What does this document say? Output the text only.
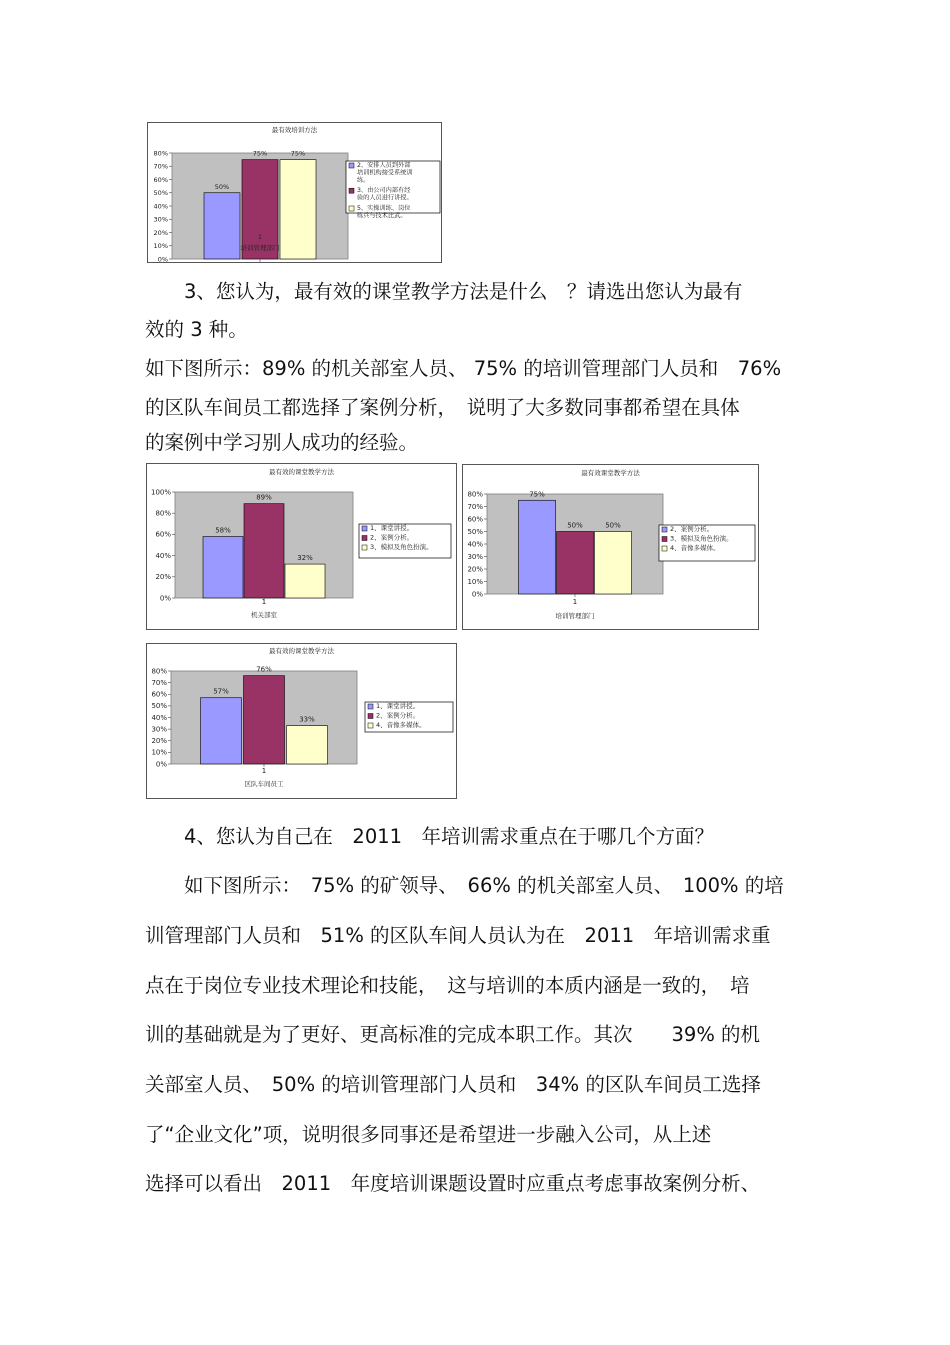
最有效培训方法
0%
10%
20%
30%
40%
50%
60%
70%
80%
50%
75%	75%
1
培训管理部门
2、安排人员到外部
培训机构接受系统训
练。
3、由公司内部有经
验的人员进行讲授。
5、实操训练、岗位
练兵与技术比武。
　　3、您认为，最有效的课堂教学方法是什么　？请选出您认为最有
效的 3 种。
如下图所示：89% 的机关部室人员、 75% 的培训管理部门人员和　76%
的区队车间员工都选择了案例分析，　说明了大多数同事都希望在具体
的案例中学习别人成功的经验。
最有效的课堂教学方法
0%
20%
40%
60%
80%
100%
58%
89%
32%
1
机关部室
1、课堂讲授。
2、案例分析。
3、模拟及角色扮演。
最有效课堂教学方法
0%
10%
20%
30%
40%
50%
60%
70%
80%	75%
50%	50%
1
培训管理部门
2、案例分析。
3、模拟及角色扮演。
4、音像多媒体。
最有效的课堂教学方法
0%
10%
20%
30%
40%
50%
60%
70%
80%
57%
76%
33%
1
区队车间员工
1、课堂讲授。
2、案例分析。
4、音像多媒体。
　　4、您认为自己在　2011　年培训需求重点在于哪几个方面？
　　如下图所示：　75% 的矿领导、　66% 的机关部室人员、　100% 的培
训管理部门人员和　51% 的区队车间人员认为在　2011　年培训需求重
点在于岗位专业技术理论和技能，　这与培训的本质内涵是一致的，　培
训的基础就是为了更好、更高标准的完成本职工作。其次　　39% 的机
关部室人员、　50% 的培训管理部门人员和　34% 的区队车间员工选择
了“企业文化”项，说明很多同事还是希望进一步融入公司，从上述
选择可以看出　2011　年度培训课题设置时应重点考虑事故案例分析、
